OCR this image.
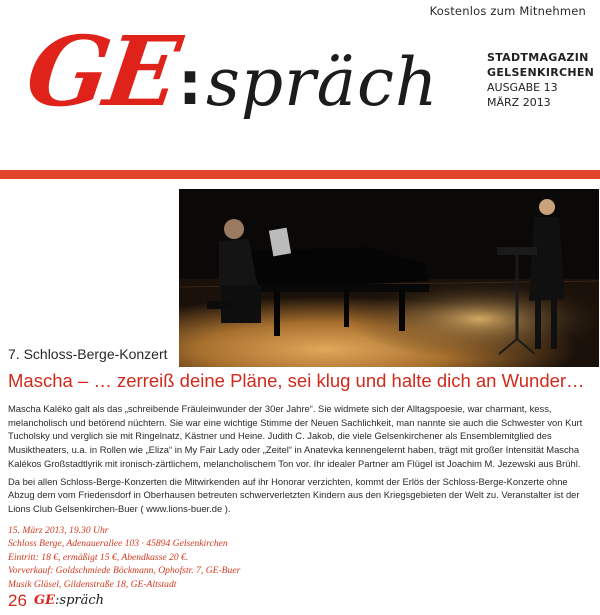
Kostenlos zum Mitnehmen
GE
: spräch	STADTMAGAZIN
GELSENKIRCHEN
AUSGABE 13
MÄRZ 2013
7. Schloss-Berge-Konzert
Mascha – … zerreiß deine Pläne, sei klug und halte dich an Wunder…

Mascha Kaléko galt als das „schreibende Fräuleinwunder der 30er Jahre“. Sie widmete sich der Alltagspoesie, war charmant, kess, melancholisch und betörend nüchtern. Sie war eine wichtige Stimme der Neuen Sachlichkeit, man nannte sie auch die Schwester von Kurt Tucholsky und verglich sie mit Ringelnatz, Kästner und Heine. Judith C. Jakob, die viele Gelsenkirchener als Ensemblemitglied des Musiktheaters, u.a. in Rollen wie „Eliza“ in My Fair Lady oder „Zeitel“ in Anatevka kennengelernt haben, trägt mit großer Intensität Mascha Kalékos Großstadtlyrik mit ironisch-zärtlichem, melancholischem Ton vor. Ihr idealer Partner am Flügel ist Joachim M. Jezewski aus Brühl.

Da bei allen Schloss-Berge-Konzerten die Mitwirkenden auf ihr Honorar verzichten, kommt der Erlös der Schloss-Berge-Konzerte ohne Abzug dem vom Friedensdorf in Oberhausen betreuten schwerverletzten Kindern aus den Kriegsgebieten der Welt zu. Veranstalter ist der Lions Club Gelsenkirchen-Buer ( www.lions-buer.de ).

15. März 2013, 19.30 Uhr
Schloss Berge, Adenauerallee 103 · 45894 Gelsenkirchen
Eintritt: 18 €, ermäßigt 15 €, Abendkasse 20 €.
Vorverkauf: Goldschmiede Böckmann, Ophofstr. 7, GE-Buer
Musik Gläsel, Gildenstraße 18, GE-Altstadt
26 GE:spräch
